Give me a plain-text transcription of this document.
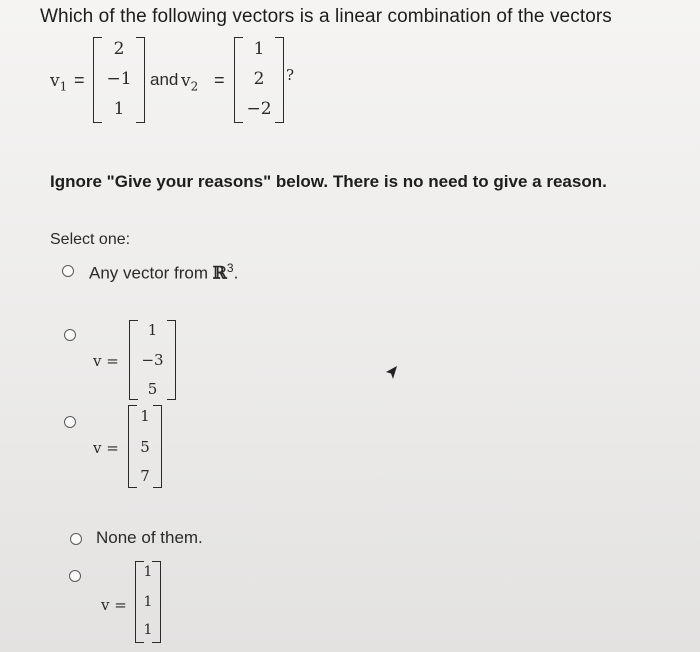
Which of the following vectors is a linear combination of the vectors
$v_1$ =
2
−1
1
and $v_2$ =
1
2
−2
?
Ignore "Give your reasons" below. There is no need to give a reason.
Select one:
Any vector from ℝ$^3$.
v =
1
−3
5
v =
1
5
7
None of them.
v =
1
1
1
